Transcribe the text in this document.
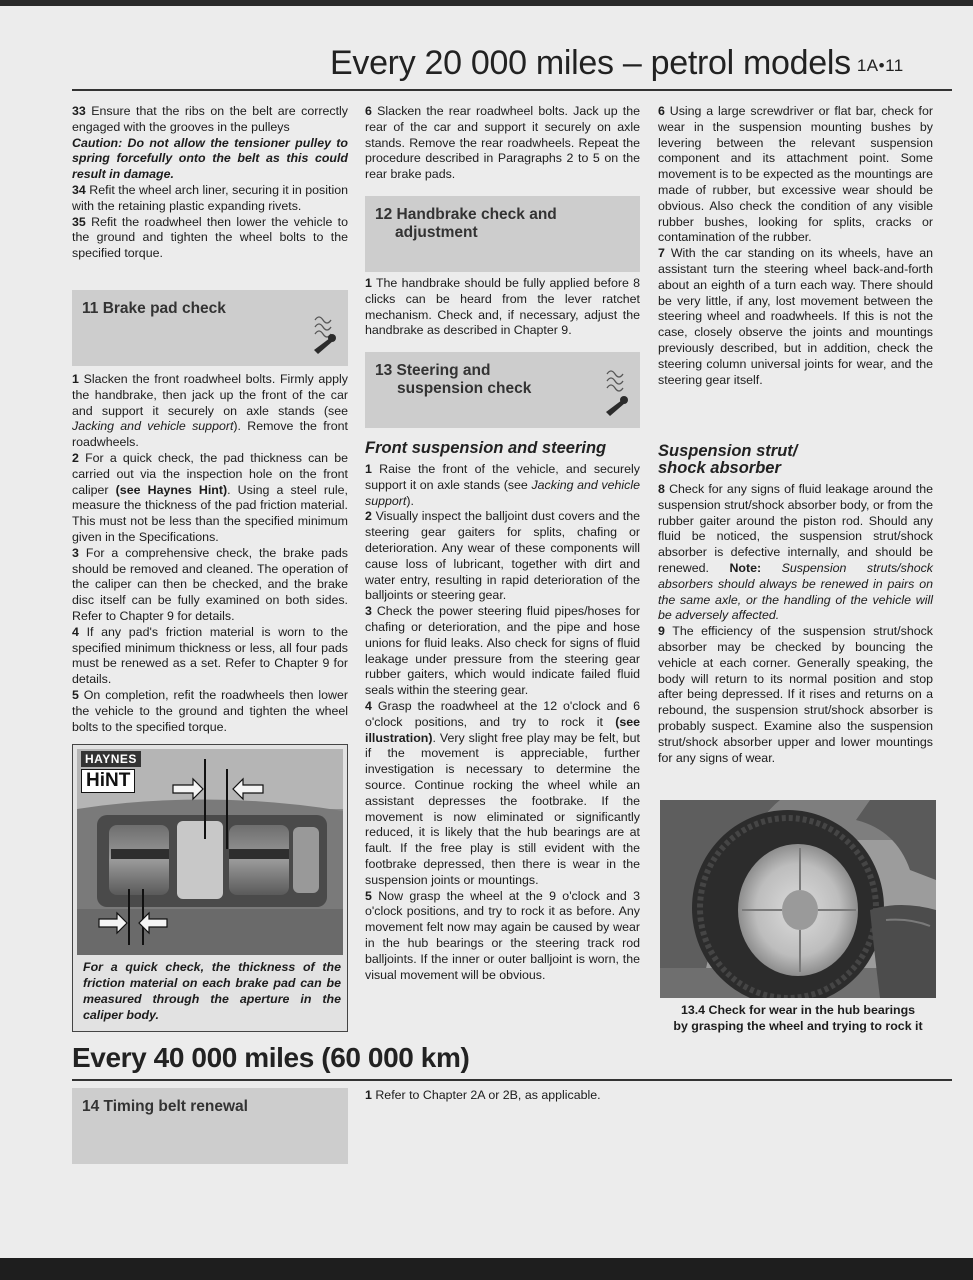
Every 20 000 miles – petrol models 1A•11

33 Ensure that the ribs on the belt are correctly engaged with the grooves in the pulleys

Caution: Do not allow the tensioner pulley to spring forcefully onto the belt as this could result in damage.

34 Refit the wheel arch liner, securing it in position with the retaining plastic expanding rivets.

35 Refit the roadwheel then lower the vehicle to the ground and tighten the wheel bolts to the specified torque.

11 Brake pad check

1 Slacken the front roadwheel bolts. Firmly apply the handbrake, then jack up the front of the car and support it securely on axle stands (see Jacking and vehicle support). Remove the front roadwheels.

2 For a quick check, the pad thickness can be carried out via the inspection hole on the front caliper (see Haynes Hint). Using a steel rule, measure the thickness of the pad friction material. This must not be less than the specified minimum given in the Specifications.

3 For a comprehensive check, the brake pads should be removed and cleaned. The operation of the caliper can then be checked, and the brake disc itself can be fully examined on both sides. Refer to Chapter 9 for details.

4 If any pad's friction material is worn to the specified minimum thickness or less, all four pads must be renewed as a set. Refer to Chapter 9 for details.

5 On completion, refit the roadwheels then lower the vehicle to the ground and tighten the wheel bolts to the specified torque.

HAYNES
HiNT
For a quick check, the thickness of the friction material on each brake pad can be measured through the aperture in the caliper body.

6 Slacken the rear roadwheel bolts. Jack up the rear of the car and support it securely on axle stands. Remove the rear roadwheels. Repeat the procedure described in Paragraphs 2 to 5 on the rear brake pads.

12 Handbrake check and
adjustment

1 The handbrake should be fully applied before 8 clicks can be heard from the lever ratchet mechanism. Check and, if necessary, adjust the handbrake as described in Chapter 9.

13 Steering and
suspension check
Front suspension and steering

1 Raise the front of the vehicle, and securely support it on axle stands (see Jacking and vehicle support).

2 Visually inspect the balljoint dust covers and the steering gear gaiters for splits, chafing or deterioration. Any wear of these components will cause loss of lubricant, together with dirt and water entry, resulting in rapid deterioration of the balljoints or steering gear.

3 Check the power steering fluid pipes/hoses for chafing or deterioration, and the pipe and hose unions for fluid leaks. Also check for signs of fluid leakage under pressure from the steering gear rubber gaiters, which would indicate failed fluid seals within the steering gear.

4 Grasp the roadwheel at the 12 o'clock and 6 o'clock positions, and try to rock it (see illustration). Very slight free play may be felt, but if the movement is appreciable, further investigation is necessary to determine the source. Continue rocking the wheel while an assistant depresses the footbrake. If the movement is now eliminated or significantly reduced, it is likely that the hub bearings are at fault. If the free play is still evident with the footbrake depressed, then there is wear in the suspension joints or mountings.

5 Now grasp the wheel at the 9 o'clock and 3 o'clock positions, and try to rock it as before. Any movement felt now may again be caused by wear in the hub bearings or the steering track rod balljoints. If the inner or outer balljoint is worn, the visual movement will be obvious.

6 Using a large screwdriver or flat bar, check for wear in the suspension mounting bushes by levering between the relevant suspension component and its attachment point. Some movement is to be expected as the mountings are made of rubber, but excessive wear should be obvious. Also check the condition of any visible rubber bushes, looking for splits, cracks or contamination of the rubber.

7 With the car standing on its wheels, have an assistant turn the steering wheel back-and-forth about an eighth of a turn each way. There should be very little, if any, lost movement between the steering wheel and roadwheels. If this is not the case, closely observe the joints and mountings previously described, but in addition, check the steering column universal joints for wear, and the steering gear itself.

Suspension strut/
shock absorber

8 Check for any signs of fluid leakage around the suspension strut/shock absorber body, or from the rubber gaiter around the piston rod. Should any fluid be noticed, the suspension strut/shock absorber is defective internally, and should be renewed. Note: Suspension struts/shock absorbers should always be renewed in pairs on the same axle, or the handling of the vehicle will be adversely affected.

9 The efficiency of the suspension strut/shock absorber may be checked by bouncing the vehicle at each corner. Generally speaking, the body will return to its normal position and stop after being depressed. If it rises and returns on a rebound, the suspension strut/shock absorber is probably suspect. Examine also the suspension strut/shock absorber upper and lower mountings for any signs of wear.

13.4 Check for wear in the hub bearings
by grasping the wheel and trying to rock it
Every 40 000 miles (60 000 km)
14 Timing belt renewal

1 Refer to Chapter 2A or 2B, as applicable.
